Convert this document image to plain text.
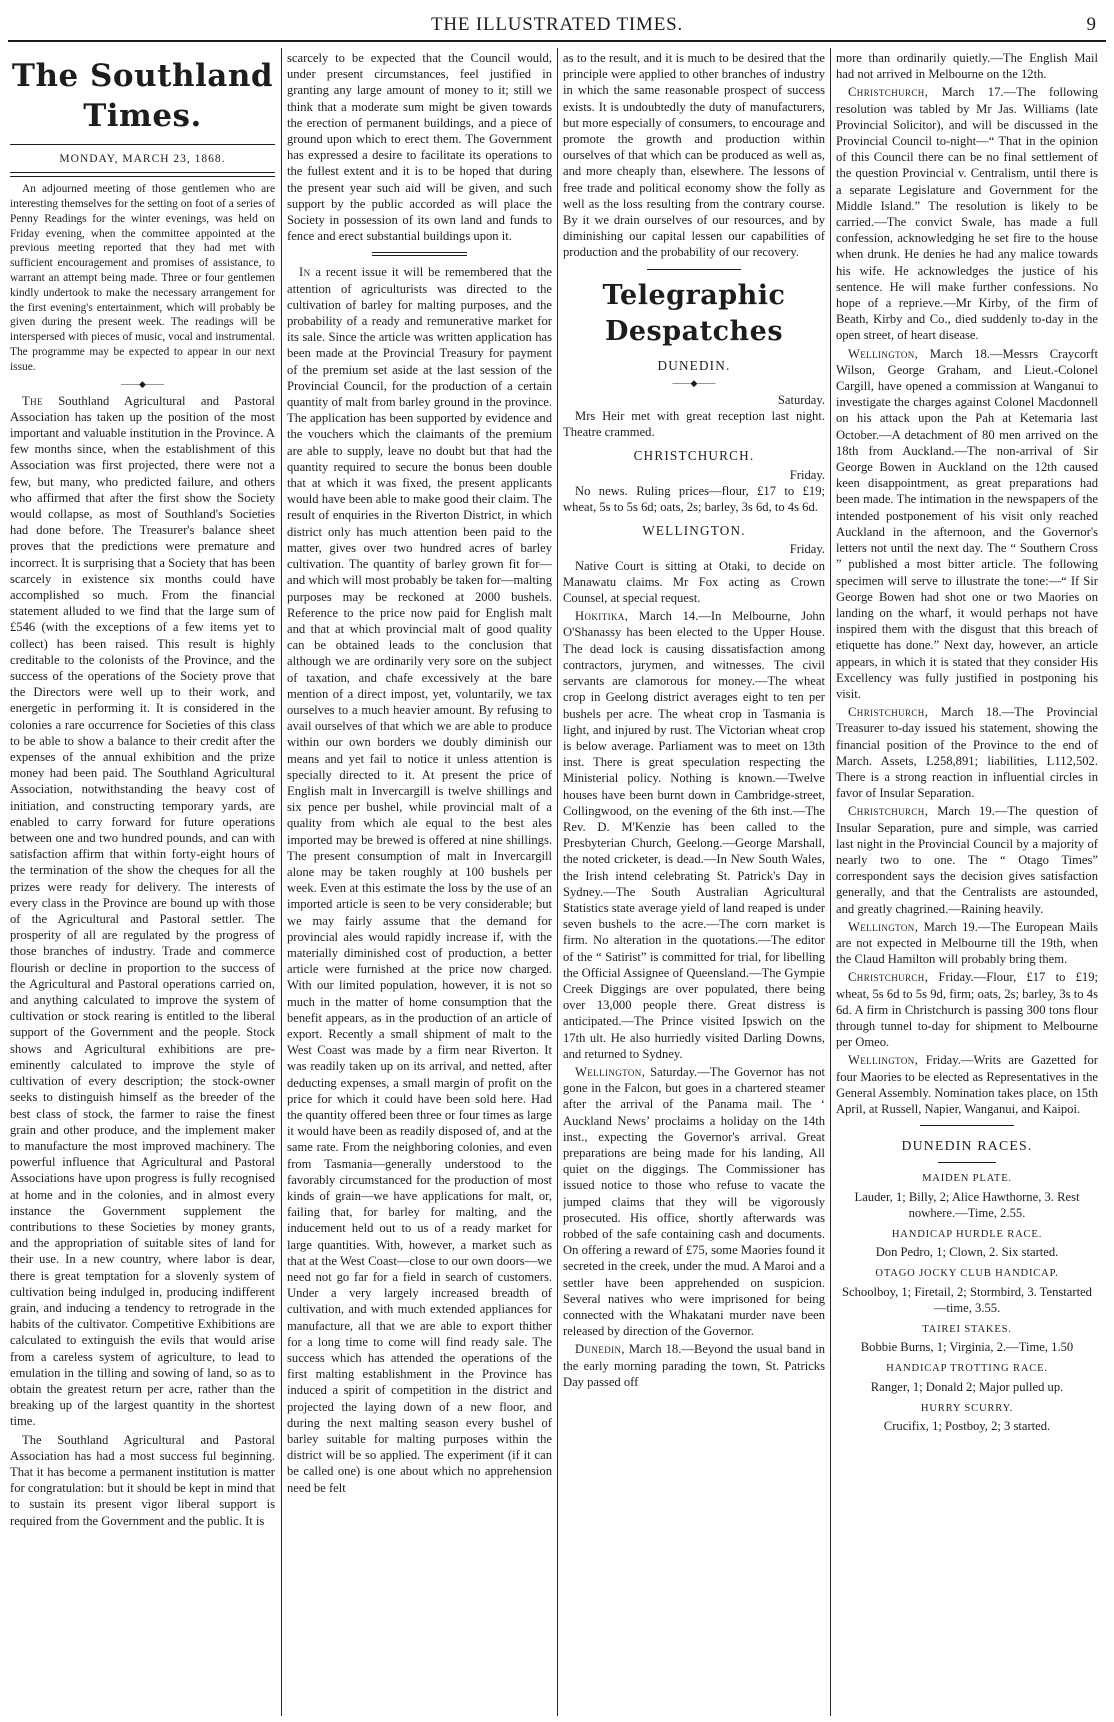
THE ILLUSTRATED TIMES.	9
The Southland Times.
MONDAY, MARCH 23, 1868.

An adjourned meeting of those gentlemen who are interesting themselves for the setting on foot of a series of Penny Readings for the winter evenings, was held on Friday evening, when the committee appointed at the previous meeting reported that they had met with sufficient encouragement and promises of assistance, to warrant an attempt being made. Three or four gentlemen kindly undertook to make the necessary arrangement for the first evening's entertainment, which will probably be given during the present week. The readings will be interspersed with pieces of music, vocal and instrumental. The programme may be expected to appear in our next issue.

——◆——

The Southland Agricultural and Pastoral Association has taken up the position of the most important and valuable institution in the Province. A few months since, when the establishment of this Association was first projected, there were not a few, but many, who predicted failure, and others who affirmed that after the first show the Society would collapse, as most of Southland's Societies had done before. The Treasurer's balance sheet proves that the predictions were premature and incorrect. It is surprising that a Society that has been scarcely in existence six months could have accomplished so much. From the financial statement alluded to we find that the large sum of £546 (with the exceptions of a few items yet to collect) has been raised. This result is highly creditable to the colonists of the Province, and the success of the operations of the Society prove that the Directors were well up to their work, and energetic in performing it. It is considered in the colonies a rare occurrence for Societies of this class to be able to show a balance to their credit after the expenses of the annual exhibition and the prize money had been paid. The Southland Agricultural Association, notwithstanding the heavy cost of initiation, and constructing temporary yards, are enabled to carry forward for future operations between one and two hundred pounds, and can with satisfaction affirm that within forty-eight hours of the termination of the show the cheques for all the prizes were ready for delivery. The interests of every class in the Province are bound up with those of the Agricultural and Pastoral settler. The prosperity of all are regulated by the progress of those branches of industry. Trade and commerce flourish or decline in proportion to the success of the Agricultural and Pastoral operations carried on, and anything calculated to improve the system of cultivation or stock rearing is entitled to the liberal support of the Government and the people. Stock shows and Agricultural exhibitions are pre-eminently calculated to improve the style of cultivation of every description; the stock-owner seeks to distinguish himself as the breeder of the best class of stock, the farmer to raise the finest grain and other produce, and the implement maker to manufacture the most improved machinery. The powerful influence that Agricultural and Pastoral Associations have upon progress is fully recognised at home and in the colonies, and in almost every instance the Government supplement the contributions to these Societies by money grants, and the appropriation of suitable sites of land for their use. In a new country, where labor is dear, there is great temptation for a slovenly system of cultivation being indulged in, producing indifferent grain, and inducing a tendency to retrograde in the habits of the cultivator. Competitive Exhibitions are calculated to extinguish the evils that would arise from a careless system of agriculture, to lead to emulation in the tilling and sowing of land, so as to obtain the greatest return per acre, rather than the breaking up of the largest quantity in the shortest time.

The Southland Agricultural and Pastoral Association has had a most success ful beginning. That it has become a permanent institution is matter for congratulation: but it should be kept in mind that to sustain its present vigor liberal support is required from the Government and the public. It is

scarcely to be expected that the Council would, under present circumstances, feel justified in granting any large amount of money to it; still we think that a moderate sum might be given towards the erection of permanent buildings, and a piece of ground upon which to erect them. The Government has expressed a desire to facilitate its operations to the fullest extent and it is to be hoped that during the present year such aid will be given, and such support by the public accorded as will place the Society in possession of its own land and funds to fence and erect substantial buildings upon it.

In a recent issue it will be remembered that the attention of agriculturists was directed to the cultivation of barley for malting purposes, and the probability of a ready and remunerative market for its sale. Since the article was written application has been made at the Provincial Treasury for payment of the premium set aside at the last session of the Provincial Council, for the production of a certain quantity of malt from barley ground in the province. The application has been supported by evidence and the vouchers which the claimants of the premium are able to supply, leave no doubt but that had the quantity required to secure the bonus been double that at which it was fixed, the present applicants would have been able to make good their claim. The result of enquiries in the Riverton District, in which district only has much attention been paid to the matter, gives over two hundred acres of barley cultivation. The quantity of barley grown fit for—and which will most probably be taken for—malting purposes may be reckoned at 2000 bushels. Reference to the price now paid for English malt and that at which provincial malt of good quality can be obtained leads to the conclusion that although we are ordinarily very sore on the subject of taxation, and chafe excessively at the bare mention of a direct impost, yet, voluntarily, we tax ourselves to a much heavier amount. By refusing to avail ourselves of that which we are able to produce within our own borders we doubly diminish our means and yet fail to notice it unless attention is specially directed to it. At present the price of English malt in Invercargill is twelve shillings and six pence per bushel, while provincial malt of a quality from which ale equal to the best ales imported may be brewed is offered at nine shillings. The present consumption of malt in Invercargill alone may be taken roughly at 100 bushels per week. Even at this estimate the loss by the use of an imported article is seen to be very considerable; but we may fairly assume that the demand for provincial ales would rapidly increase if, with the materially diminished cost of production, a better article were furnished at the price now charged. With our limited population, however, it is not so much in the matter of home consumption that the benefit appears, as in the production of an article of export. Recently a small shipment of malt to the West Coast was made by a firm near Riverton. It was readily taken up on its arrival, and netted, after deducting expenses, a small margin of profit on the price for which it could have been sold here. Had the quantity offered been three or four times as large it would have been as readily disposed of, and at the same rate. From the neighboring colonies, and even from Tasmania—generally understood to the favorably circumstanced for the production of most kinds of grain—we have applications for malt, or, failing that, for barley for malting, and the inducement held out to us of a ready market for large quantities. With, however, a market such as that at the West Coast—close to our own doors—we need not go far for a field in search of customers. Under a very largely increased breadth of cultivation, and with much extended appliances for manufacture, all that we are able to export thither for a long time to come will find ready sale. The success which has attended the operations of the first malting establishment in the Province has induced a spirit of competition in the district and projected the laying down of a new floor, and during the next malting season every bushel of barley suitable for malting purposes within the district will be so applied. The experiment (if it can be called one) is one about which no apprehension need be felt

as to the result, and it is much to be desired that the principle were applied to other branches of industry in which the same reasonable prospect of success exists. It is undoubtedly the duty of manufacturers, but more especially of consumers, to encourage and promote the growth and production within ourselves of that which can be produced as well as, and more cheaply than, elsewhere. The lessons of free trade and political economy show the folly as well as the loss resulting from the contrary course. By it we drain ourselves of our resources, and by diminishing our capital lessen our capabilities of production and the probability of our recovery.

Telegraphic Despatches
DUNEDIN.
——◆——

Saturday.

Mrs Heir met with great reception last night. Theatre crammed.

CHRISTCHURCH.

Friday.

No news. Ruling prices—flour, £17 to £19; wheat, 5s to 5s 6d; oats, 2s; barley, 3s 6d, to 4s 6d.

WELLINGTON.

Friday.

Native Court is sitting at Otaki, to decide on Manawatu claims. Mr Fox acting as Crown Counsel, at special request.

Hokitika, March 14.—In Melbourne, John O'Shanassy has been elected to the Upper House. The dead lock is causing dissatisfaction among contractors, jurymen, and witnesses. The civil servants are clamorous for money.—The wheat crop in Geelong district averages eight to ten per bushels per acre. The wheat crop in Tasmania is light, and injured by rust. The Victorian wheat crop is below average. Parliament was to meet on 13th inst. There is great speculation respecting the Ministerial policy. Nothing is known.—Twelve houses have been burnt down in Cambridge-street, Collingwood, on the evening of the 6th inst.—The Rev. D. M'Kenzie has been called to the Presbyterian Church, Geelong.—George Marshall, the noted cricketer, is dead.—In New South Wales, the Irish intend celebrating St. Patrick's Day in Sydney.—The South Australian Agricultural Statistics state average yield of land reaped is under seven bushels to the acre.—The corn market is firm. No alteration in the quotations.—The editor of the “ Satirist” is committed for trial, for libelling the Official Assignee of Queensland.—The Gympie Creek Diggings are over populated, there being over 13,000 people there. Great distress is anticipated.—The Prince visited Ipswich on the 17th ult. He also hurriedly visited Darling Downs, and returned to Sydney.

Wellington, Saturday.—The Governor has not gone in the Falcon, but goes in a chartered steamer after the arrival of the Panama mail. The ‘ Auckland News’ proclaims a holiday on the 14th inst., expecting the Governor's arrival. Great preparations are being made for his landing, All quiet on the diggings. The Commissioner has issued notice to those who refuse to vacate the jumped claims that they will be vigorously prosecuted. His office, shortly afterwards was robbed of the safe containing cash and documents. On offering a reward of £75, some Maories found it secreted in the creek, under the mud. A Maroi and a settler have been apprehended on suspicion. Several natives who were imprisoned for being connected with the Whakatani murder nave been released by direction of the Governor.

Dunedin, March 18.—Beyond the usual band in the early morning parading the town, St. Patricks Day passed off

more than ordinarily quietly.—The English Mail had not arrived in Melbourne on the 12th.

Christchurch, March 17.—The following resolution was tabled by Mr Jas. Williams (late Provincial Solicitor), and will be discussed in the Provincial Council to-night—“ That in the opinion of this Council there can be no final settlement of the question Provincial v. Centralism, until there is a separate Legislature and Government for the Middle Island.” The resolution is likely to be carried.—The convict Swale, has made a full confession, acknowledging he set fire to the house when drunk. He denies he had any malice towards his wife. He acknowledges the justice of his sentence. He will make further confessions. No hope of a reprieve.—Mr Kirby, of the firm of Beath, Kirby and Co., died suddenly to-day in the open street, of heart disease.

Wellington, March 18.—Messrs Craycorft Wilson, George Graham, and Lieut.-Colonel Cargill, have opened a commission at Wanganui to investigate the charges against Colonel Macdonnell on his attack upon the Pah at Ketemaria last October.—A detachment of 80 men arrived on the 18th from Auckland.—The non-arrival of Sir George Bowen in Auckland on the 12th caused keen disappointment, as great preparations had been made. The intimation in the newspapers of the intended postponement of his visit only reached Auckland in the afternoon, and the Governor's letters not until the next day. The “ Southern Cross ” published a most bitter article. The following specimen will serve to illustrate the tone:—“ If Sir George Bowen had shot one or two Maories on landing on the wharf, it would perhaps not have inspired them with the disgust that this breach of etiquette has done.” Next day, however, an article appears, in which it is stated that they consider His Excellency was fully justified in postponing his visit.

Christchurch, March 18.—The Provincial Treasurer to-day issued his statement, showing the financial position of the Province to the end of March. Assets, L258,891; liabilities, L112,502. There is a strong reaction in influential circles in favor of Insular Separation.

Christchurch, March 19.—The question of Insular Separation, pure and simple, was carried last night in the Provincial Council by a majority of nearly two to one. The “ Otago Times” correspondent says the decision gives satisfaction generally, and that the Centralists are astounded, and greatly chagrined.—Raining heavily.

Wellington, March 19.—The European Mails are not expected in Melbourne till the 19th, when the Claud Hamilton will probably bring them.

Christchurch, Friday.—Flour, £17 to £19; wheat, 5s 6d to 5s 9d, firm; oats, 2s; barley, 3s to 4s 6d. A firm in Christchurch is passing 300 tons flour through tunnel to-day for shipment to Melbourne per Omeo.

Wellington, Friday.—Writs are Gazetted for four Maories to be elected as Representatives in the General Assembly. Nomination takes place, on 15th April, at Russell, Napier, Wanganui, and Kaipoi.

DUNEDIN RACES.
MAIDEN PLATE.

Lauder, 1; Billy, 2; Alice Hawthorne, 3. Rest nowhere.—Time, 2.55.

HANDICAP HURDLE RACE.

Don Pedro, 1; Clown, 2. Six started.

OTAGO JOCKY CLUB HANDICAP.

Schoolboy, 1; Firetail, 2; Stormbird, 3. Tenstarted—time, 3.55.

TAIREI STAKES.

Bobbie Burns, 1; Virginia, 2.—Time, 1.50

HANDICAP TROTTING RACE.

Ranger, 1; Donald 2; Major pulled up.

HURRY SCURRY.

Crucifix, 1; Postboy, 2; 3 started.
